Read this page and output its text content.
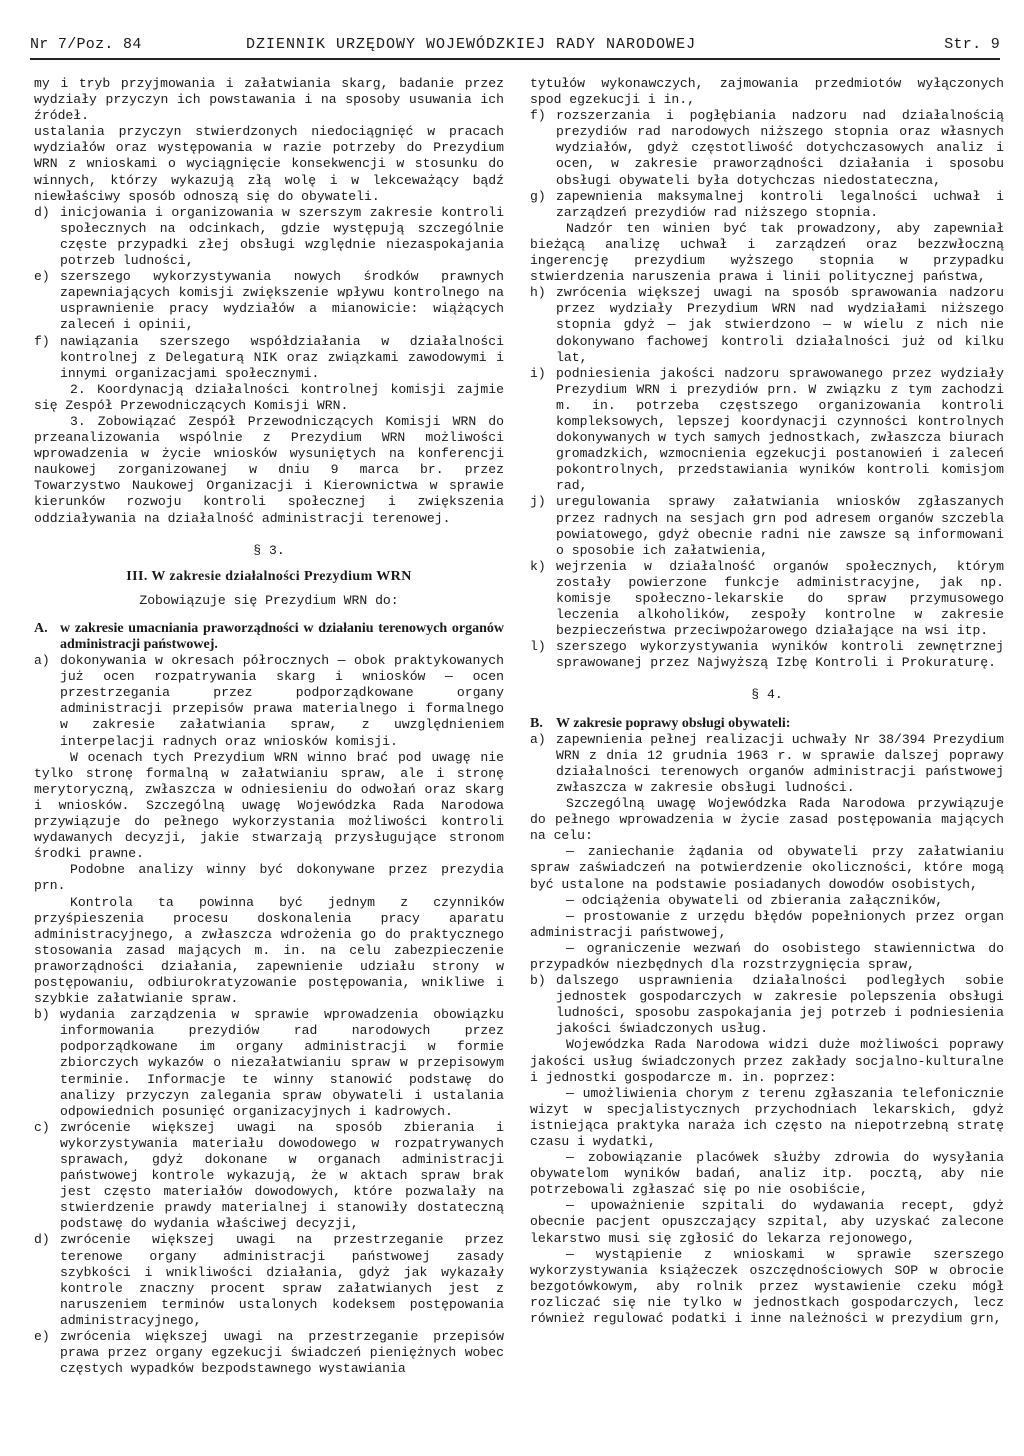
Nr 7/Poz. 84	DZIENNIK URZĘDOWY WOJEWÓDZKIEJ RADY NARODOWEJ	Str. 9

my i tryb przyjmowania i załatwiania skarg, badanie przez wydziały przyczyn ich powstawania i na sposoby usuwania ich źródeł.

ustalania przyczyn stwierdzonych niedociągnięć w pracach wydziałów oraz występowania w razie potrzeby do Prezydium WRN z wnioskami o wyciągnięcie konsekwencji w stosunku do winnych, którzy wykazują złą wolę i w lekceważący bądź niewłaściwy sposób odnoszą się do obywateli.

d) inicjowania i organizowania w szerszym zakresie kontroli społecznych na odcinkach, gdzie występują szczególnie częste przypadki złej obsługi względnie niezaspokajania potrzeb ludności,
e) szerszego wykorzystywania nowych środków prawnych zapewniających komisji zwiększenie wpływu kontrolnego na usprawnienie pracy wydziałów a mianowicie: wiążących zaleceń i opinii,
f) nawiązania szerszego współdziałania w działalności kontrolnej z Delegaturą NIK oraz związkami zawodowymi i innymi organizacjami społecznymi.

2. Koordynacją działalności kontrolnej komisji zajmie się Zespół Przewodniczących Komisji WRN.

3. Zobowiązać Zespół Przewodniczących Komisji WRN do przeanalizowania wspólnie z Prezydium WRN możliwości wprowadzenia w życie wniosków wysuniętych na konferencji naukowej zorganizowanej w dniu 9 marca br. przez Towarzystwo Naukowej Organizacji i Kierownictwa w sprawie kierunków rozwoju kontroli społecznej i zwiększenia oddziaływania na działalność administracji terenowej.

§ 3.

III. W zakresie działalności Prezydium WRN

Zobowiązuje się Prezydium WRN do:

A. w zakresie umacniania praworządności w działaniu terenowych organów administracji państwowej.
a) dokonywania w okresach półrocznych — obok praktykowanych już ocen rozpatrywania skarg i wniosków — ocen przestrzegania przez podporządkowane organy administracji przepisów prawa materialnego i formalnego w zakresie załatwiania spraw, z uwzględnieniem interpelacji radnych oraz wniosków komisji.

W ocenach tych Prezydium WRN winno brać pod uwagę nie tylko stronę formalną w załatwianiu spraw, ale i stronę merytoryczną, zwłaszcza w odniesieniu do odwołań oraz skarg i wniosków. Szczególną uwagę Wojewódzka Rada Narodowa przywiązuje do pełnego wykorzystania możliwości kontroli wydawanych decyzji, jakie stwarzają przysługujące stronom środki prawne.

Podobne analizy winny być dokonywane przez prezydia prn.

Kontrola ta powinna być jednym z czynników przyśpieszenia procesu doskonalenia pracy aparatu administracyjnego, a zwłaszcza wdrożenia go do praktycznego stosowania zasad mających m. in. na celu zabezpieczenie praworządności działania, zapewnienie udziału strony w postępowaniu, odbiurokratyzowanie postępowania, wnikliwe i szybkie załatwianie spraw.

b) wydania zarządzenia w sprawie wprowadzenia obowiązku informowania prezydiów rad narodowych przez podporządkowane im organy administracji w formie zbiorczych wykazów o niezałatwianiu spraw w przepisowym terminie. Informacje te winny stanowić podstawę do analizy przyczyn zalegania spraw obywateli i ustalania odpowiednich posunięć organizacyjnych i kadrowych.
c) zwrócenie większej uwagi na sposób zbierania i wykorzystywania materiału dowodowego w rozpatrywanych sprawach, gdyż dokonane w organach administracji państwowej kontrole wykazują, że w aktach spraw brak jest często materiałów dowodowych, które pozwalały na stwierdzenie prawdy materialnej i stanowiły dostateczną podstawę do wydania właściwej decyzji,
d) zwrócenie większej uwagi na przestrzeganie przez terenowe organy administracji państwowej zasady szybkości i wnikliwości działania, gdyż jak wykazały kontrole znaczny procent spraw załatwianych jest z naruszeniem terminów ustalonych kodeksem postępowania administracyjnego,
e) zwrócenia większej uwagi na przestrzeganie przepisów prawa przez organy egzekucji świadczeń pieniężnych wobec częstych wypadków bezpodstawnego wystawiania

tytułów wykonawczych, zajmowania przedmiotów wyłączonych spod egzekucji i in.,

f) rozszerzania i pogłębiania nadzoru nad działalnością prezydiów rad narodowych niższego stopnia oraz własnych wydziałów, gdyż częstotliwość dotychczasowych analiz i ocen, w zakresie praworządności działania i sposobu obsługi obywateli była dotychczas niedostateczna,
g) zapewnienia maksymalnej kontroli legalności uchwał i zarządzeń prezydiów rad niższego stopnia.

Nadzór ten winien być tak prowadzony, aby zapewniał bieżącą analizę uchwał i zarządzeń oraz bezzwłoczną ingerencję prezydium wyższego stopnia w przypadku stwierdzenia naruszenia prawa i linii politycznej państwa,

h) zwrócenia większej uwagi na sposób sprawowania nadzoru przez wydziały Prezydium WRN nad wydziałami niższego stopnia gdyż — jak stwierdzono — w wielu z nich nie dokonywano fachowej kontroli działalności już od kilku lat,
i) podniesienia jakości nadzoru sprawowanego przez wydziały Prezydium WRN i prezydiów prn. W związku z tym zachodzi m. in. potrzeba częstszego organizowania kontroli kompleksowych, lepszej koordynacji czynności kontrolnych dokonywanych w tych samych jednostkach, zwłaszcza biurach gromadzkich, wzmocnienia egzekucji postanowień i zaleceń pokontrolnych, przedstawiania wyników kontroli komisjom rad,
j) uregulowania sprawy załatwiania wniosków zgłaszanych przez radnych na sesjach grn pod adresem organów szczebla powiatowego, gdyż obecnie radni nie zawsze są informowani o sposobie ich załatwienia,
k) wejrzenia w działalność organów społecznych, którym zostały powierzone funkcje administracyjne, jak np. komisje społeczno-lekarskie do spraw przymusowego leczenia alkoholików, zespoły kontrolne w zakresie bezpieczeństwa przeciwpożarowego działające na wsi itp.
l) szerszego wykorzystywania wyników kontroli zewnętrznej sprawowanej przez Najwyższą Izbę Kontroli i Prokuraturę.

§ 4.

B. W zakresie poprawy obsługi obywateli:
a) zapewnienia pełnej realizacji uchwały Nr 38/394 Prezydium WRN z dnia 12 grudnia 1963 r. w sprawie dalszej poprawy działalności terenowych organów administracji państwowej zwłaszcza w zakresie obsługi ludności.

Szczególną uwagę Wojewódzka Rada Narodowa przywiązuje do pełnego wprowadzenia w życie zasad postępowania mających na celu:

— zaniechanie żądania od obywateli przy załatwianiu spraw zaświadczeń na potwierdzenie okoliczności, które mogą być ustalone na podstawie posiadanych dowodów osobistych,

— odciążenia obywateli od zbierania załączników,

— prostowanie z urzędu błędów popełnionych przez organ administracji państwowej,

— ograniczenie wezwań do osobistego stawiennictwa do przypadków niezbędnych dla rozstrzygnięcia spraw,

b) dalszego usprawnienia działalności podległych sobie jednostek gospodarczych w zakresie polepszenia obsługi ludności, sposobu zaspokajania jej potrzeb i podniesienia jakości świadczonych usług.

Wojewódzka Rada Narodowa widzi duże możliwości poprawy jakości usług świadczonych przez zakłady socjalno-kulturalne i jednostki gospodarcze m. in. poprzez:

— umożliwienia chorym z terenu zgłaszania telefonicznie wizyt w specjalistycznych przychodniach lekarskich, gdyż istniejąca praktyka naraża ich często na niepotrzebną stratę czasu i wydatki,

— zobowiązanie placówek służby zdrowia do wysyłania obywatelom wyników badań, analiz itp. pocztą, aby nie potrzebowali zgłaszać się po nie osobiście,

— upoważnienie szpitali do wydawania recept, gdyż obecnie pacjent opuszczający szpital, aby uzyskać zalecone lekarstwo musi się zgłosić do lekarza rejonowego,

— wystąpienie z wnioskami w sprawie szerszego wykorzystywania książeczek oszczędnościowych SOP w obrocie bezgotówkowym, aby rolnik przez wystawienie czeku mógł rozliczać się nie tylko w jednostkach gospodarczych, lecz również regulować podatki i inne należności w prezydium grn,
